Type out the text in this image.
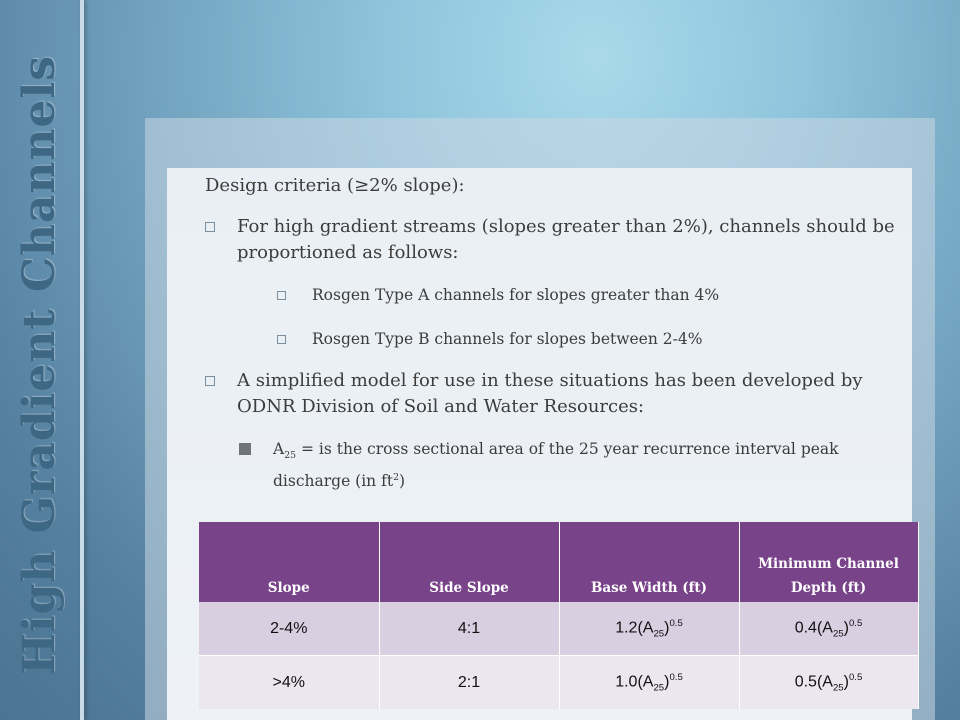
High Gradient Channels	Design criteria (≥2% slope):
For high gradient streams (slopes greater than 2%), channels should be proportioned as follows:
Rosgen Type A channels for slopes greater than 4%
Rosgen Type B channels for slopes between 2-4%
A simplified model for use in these situations has been developed by ODNR Division of Soil and Water Resources:
$A_{25}$ = is the cross sectional area of the 25 year recurrence interval peak discharge (in $ft^2$)
Slope	Side Slope	Base Width (ft)	Minimum Channel Depth (ft)
2-4%	4:1	$1.2(A_{25})^{0.5}$	$0.4(A_{25})^{0.5}$
>4%	2:1	$1.0(A_{25})^{0.5}$	$0.5(A_{25})^{0.5}$
